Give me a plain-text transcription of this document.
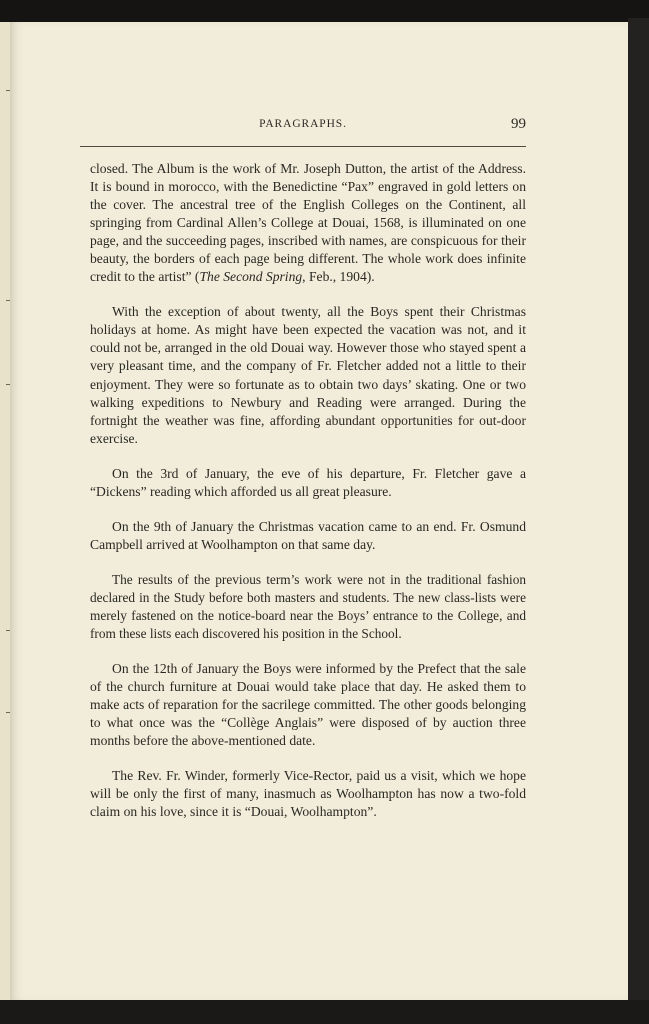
PARAGRAPHS.	99

closed. The Album is the work of Mr. Joseph Dutton, the artist of the Address. It is bound in morocco, with the Benedictine “Pax” engraved in gold letters on the cover. The ancestral tree of the English Colleges on the Continent, all springing from Cardinal Allen’s College at Douai, 1568, is illuminated on one page, and the succeeding pages, inscribed with names, are conspicuous for their beauty, the borders of each page being different. The whole work does infinite credit to the artist” (The Second Spring, Feb., 1904).

With the exception of about twenty, all the Boys spent their Christmas holidays at home. As might have been expected the vacation was not, and it could not be, arranged in the old Douai way. However those who stayed spent a very pleasant time, and the company of Fr. Fletcher added not a little to their enjoyment. They were so fortunate as to obtain two days’ skating. One or two walking expeditions to Newbury and Reading were arranged. During the fortnight the weather was fine, affording abundant opportunities for out-door exercise.

On the 3rd of January, the eve of his departure, Fr. Fletcher gave a “Dickens” reading which afforded us all great pleasure.

On the 9th of January the Christmas vacation came to an end. Fr. Osmund Campbell arrived at Woolhampton on that same day.

The results of the previous term’s work were not in the traditional fashion declared in the Study before both masters and students. The new class-lists were merely fastened on the notice-board near the Boys’ entrance to the College, and from these lists each discovered his position in the School.

On the 12th of January the Boys were informed by the Prefect that the sale of the church furniture at Douai would take place that day. He asked them to make acts of reparation for the sacrilege committed. The other goods belonging to what once was the “Collège Anglais” were disposed of by auction three months before the above-mentioned date.

The Rev. Fr. Winder, formerly Vice-Rector, paid us a visit, which we hope will be only the first of many, inasmuch as Woolhampton has now a two-fold claim on his love, since it is “Douai, Woolhampton”.
